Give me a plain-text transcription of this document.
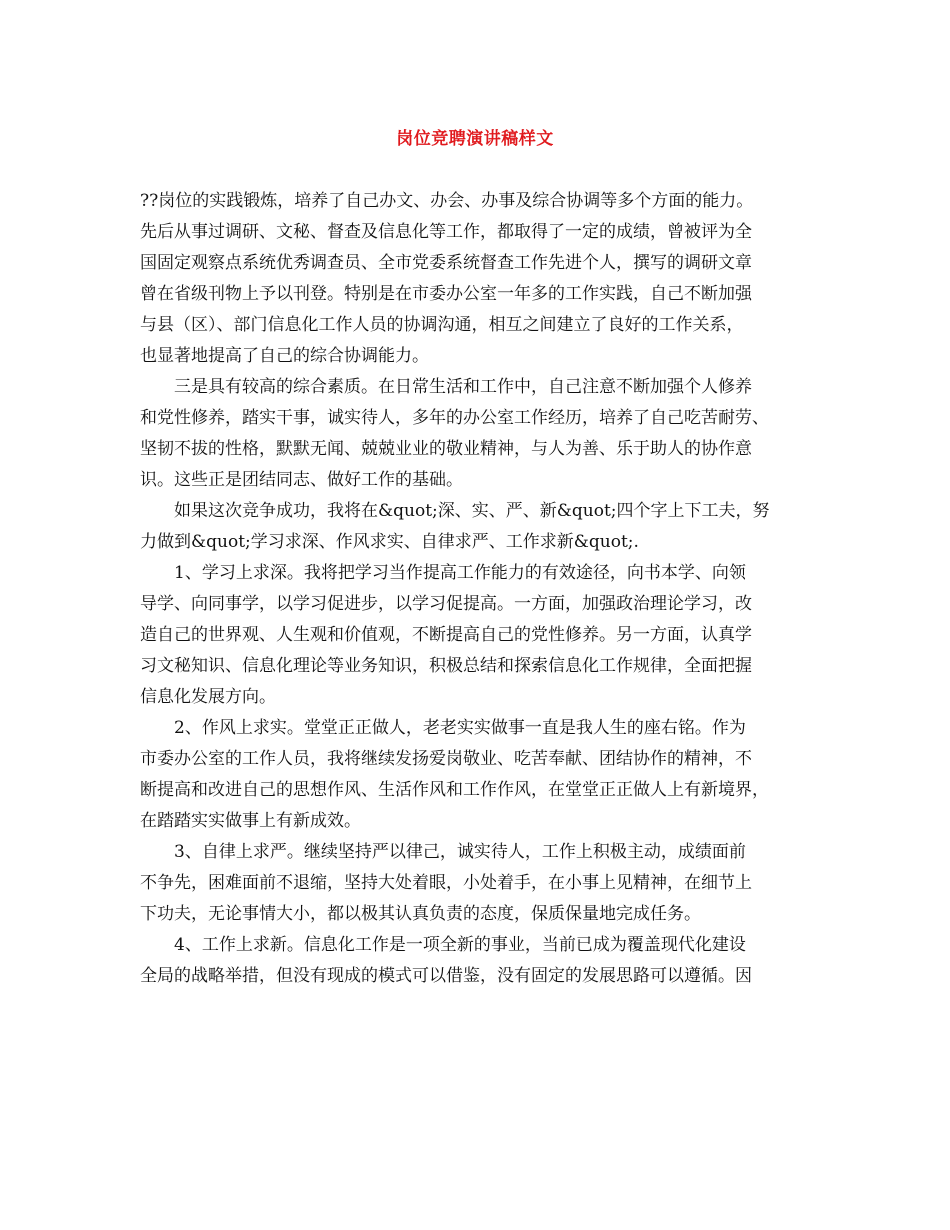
岗位竞聘演讲稿样文

??岗位的实践锻炼，培养了自己办文、办会、办事及综合协调等多个方面的能力。
先后从事过调研、文秘、督查及信息化等工作，都取得了一定的成绩，曾被评为全
国固定观察点系统优秀调查员、全市党委系统督查工作先进个人，撰写的调研文章
曾在省级刊物上予以刊登。特别是在市委办公室一年多的工作实践，自己不断加强
与县（区）、部门信息化工作人员的协调沟通，相互之间建立了良好的工作关系，
也显著地提高了自己的综合协调能力。

三是具有较高的综合素质。在日常生活和工作中，自己注意不断加强个人修养
和党性修养，踏实干事，诚实待人，多年的办公室工作经历，培养了自己吃苦耐劳、
坚韧不拔的性格，默默无闻、兢兢业业的敬业精神，与人为善、乐于助人的协作意
识。这些正是团结同志、做好工作的基础。

如果这次竞争成功，我将在&quot;深、实、严、新&quot;四个字上下工夫，努
力做到&quot;学习求深、作风求实、自律求严、工作求新&quot;.

1、学习上求深。我将把学习当作提高工作能力的有效途径，向书本学、向领
导学、向同事学，以学习促进步，以学习促提高。一方面，加强政治理论学习，改
造自己的世界观、人生观和价值观，不断提高自己的党性修养。另一方面，认真学
习文秘知识、信息化理论等业务知识，积极总结和探索信息化工作规律，全面把握
信息化发展方向。

2、作风上求实。堂堂正正做人，老老实实做事一直是我人生的座右铭。作为
市委办公室的工作人员，我将继续发扬爱岗敬业、吃苦奉献、团结协作的精神，不
断提高和改进自己的思想作风、生活作风和工作作风，在堂堂正正做人上有新境界，
在踏踏实实做事上有新成效。

3、自律上求严。继续坚持严以律己，诚实待人，工作上积极主动，成绩面前
不争先，困难面前不退缩，坚持大处着眼，小处着手，在小事上见精神，在细节上
下功夫，无论事情大小，都以极其认真负责的态度，保质保量地完成任务。

4、工作上求新。信息化工作是一项全新的事业，当前已成为覆盖现代化建设
全局的战略举措，但没有现成的模式可以借鉴，没有固定的发展思路可以遵循。因
